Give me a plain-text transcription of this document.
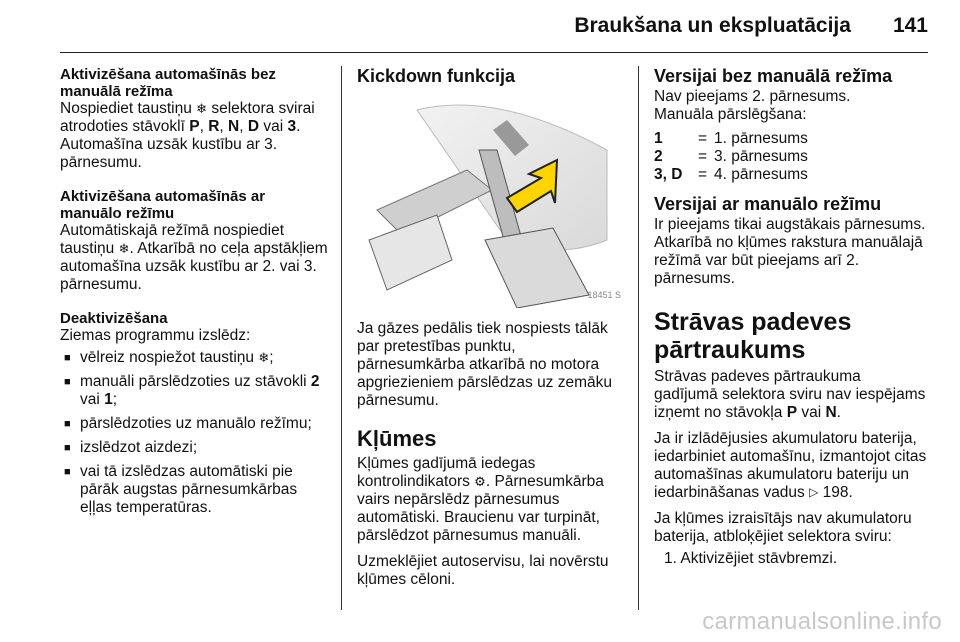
Braukšana un ekspluatācija 141
Aktivizēšana automašīnās bez manuālā režīma

Nospiediet taustiņu ❄ selektora svirai atrodoties stāvoklī P, R, N, D vai 3. Automašīna uzsāk kustību ar 3. pārnesumu.

Aktivizēšana automašīnās ar manuālo režīmu

Automātiskajā režīmā nospiediet taustiņu ❄. Atkarībā no ceļa apstākļiem automašīna uzsāk kustību ar 2. vai 3. pārnesumu.

Deaktivizēšana

Ziemas programmu izslēdz:

■ vēlreiz nospiežot taustiņu ❄;
■ manuāli pārslēdzoties uz stāvokli 2 vai 1;
■ pārslēdzoties uz manuālo režīmu;
■ izslēdzot aizdezi;
■ vai tā izslēdzas automātiski pie pārāk augstas pārnesumkārbas eļļas temperatūras.
Kickdown funkcija
18451 S

Ja gāzes pedālis tiek nospiests tālāk par pretestības punktu, pārnesumkārba atkarībā no motora apgriezieniem pārslēdzas uz zemāku pārnesumu.

Kļūmes

Kļūmes gadījumā iedegas kontrolindikators ⚙. Pārnesumkārba vairs nepārslēdz pārnesumus automātiski. Braucienu var turpināt, pārslēdzot pārnesumus manuāli.

Uzmeklējiet autoservisu, lai novērstu kļūmes cēloni.

Versijai bez manuālā režīma
Nav pieejams 2. pārnesums.
Manuāla pārslēgšana:
1	= 1. pārnesums
2	= 3. pārnesums
3, D	= 4. pārnesums
Versijai ar manuālo režīmu

Ir pieejams tikai augstākais pārnesums. Atkarībā no kļūmes rakstura manuālajā režīmā var būt pieejams arī 2. pārnesums.

Strāvas padeves pārtraukums

Strāvas padeves pārtraukuma gadījumā selektora sviru nav iespējams izņemt no stāvokļa P vai N.

Ja ir izlādējusies akumulatoru baterija, iedarbiniet automašīnu, izmantojot citas automašīnas akumulatoru bateriju un iedarbināšanas vadus ▷ 198.

Ja kļūmes izraisītājs nav akumulatoru baterija, atbloķējiet selektora sviru:

1. Aktivizējiet stāvbremzi.
carmanualsonline.info
